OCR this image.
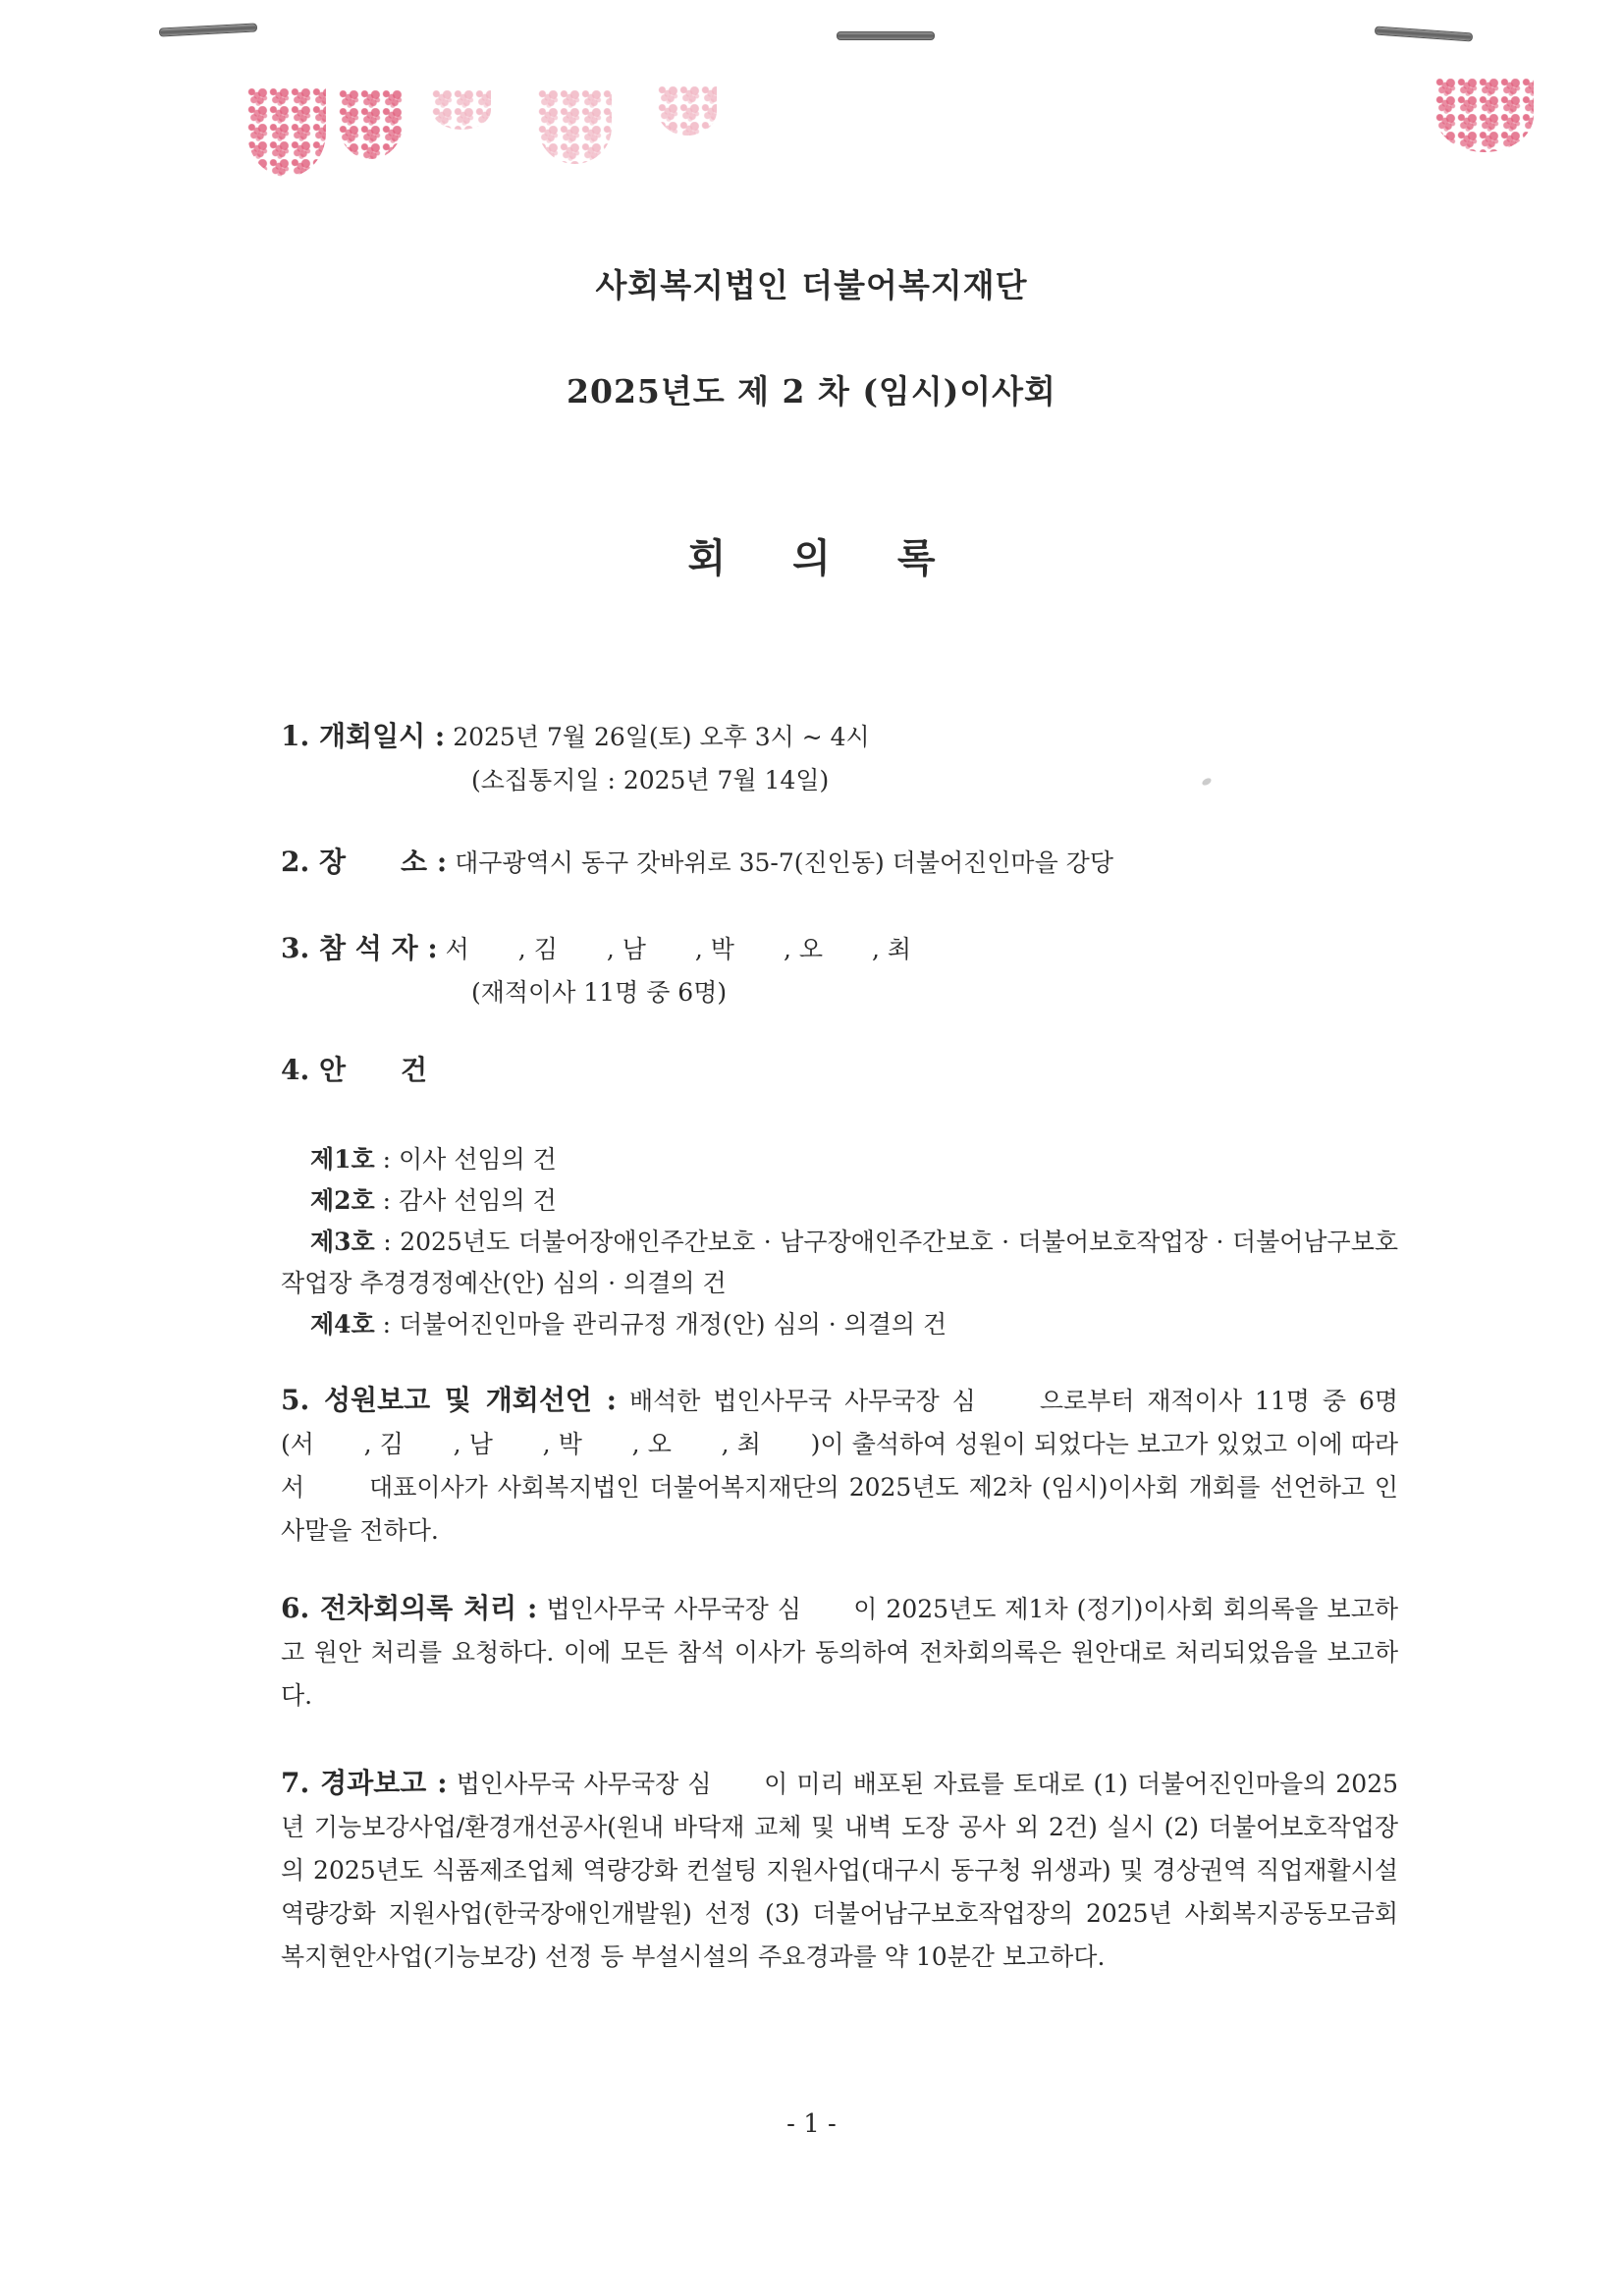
사회복지법인 더불어복지재단
2025년도 제 2 차 (임시)이사회
회 의 록
1. 개회일시 : 2025년 7월 26일(토) 오후 3시 ~ 4시
(소집통지일 : 2025년 7월 14일)
2. 장　　소 : 대구광역시 동구 갓바위로 35-7(진인동) 더불어진인마을 강당
3. 참 석 자 : 서　　, 김　　, 남　　, 박　　, 오　　, 최
(재적이사 11명 중 6명)
4. 안　　건
제1호 : 이사 선임의 건
제2호 : 감사 선임의 건
제3호 : 2025년도 더불어장애인주간보호 · 남구장애인주간보호 · 더불어보호작업장 · 더불어남구보호작업장 추경경정예산(안) 심의 · 의결의 건
제4호 : 더불어진인마을 관리규정 개정(안) 심의 · 의결의 건
5. 성원보고 및 개회선언 : 배석한 법인사무국 사무국장 심　　으로부터 재적이사 11명 중 6명(서　　, 김　　, 남　　, 박　　, 오　　, 최　　)이 출석하여 성원이 되었다는 보고가 있었고 이에 따라 서　　 대표이사가 사회복지법인 더불어복지재단의 2025년도 제2차 (임시)이사회 개회를 선언하고 인사말을 전하다.
6. 전차회의록 처리 : 법인사무국 사무국장 심　　이 2025년도 제1차 (정기)이사회 회의록을 보고하고 원안 처리를 요청하다. 이에 모든 참석 이사가 동의하여 전차회의록은 원안대로 처리되었음을 보고하다.
7. 경과보고 : 법인사무국 사무국장 심　　이 미리 배포된 자료를 토대로 (1) 더불어진인마을의 2025년 기능보강사업/환경개선공사(원내 바닥재 교체 및 내벽 도장 공사 외 2건) 실시 (2) 더불어보호작업장의 2025년도 식품제조업체 역량강화 컨설팅 지원사업(대구시 동구청 위생과) 및 경상권역 직업재활시설 역량강화 지원사업(한국장애인개발원) 선정 (3) 더불어남구보호작업장의 2025년 사회복지공동모금회 복지현안사업(기능보강) 선정 등 부설시설의 주요경과를 약 10분간 보고하다.
- 1 -
